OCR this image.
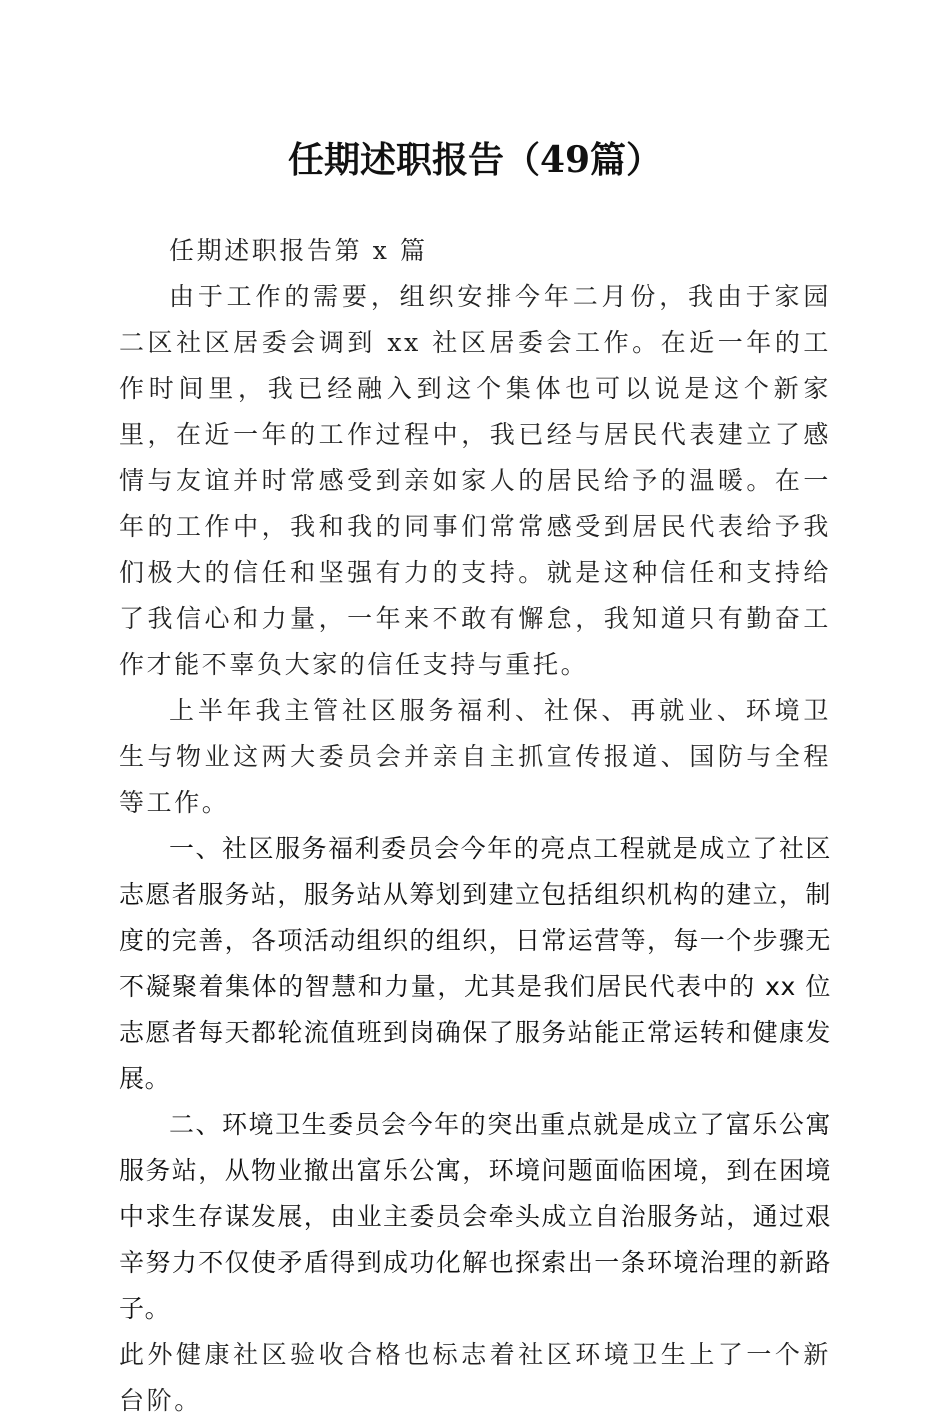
任期述职报告（49篇）

任期述职报告第 x 篇

由于工作的需要，组织安排今年二月份，我由于家园二区社区居委会调到 xx 社区居委会工作。在近一年的工作时间里，我已经融入到这个集体也可以说是这个新家里，在近一年的工作过程中，我已经与居民代表建立了感情与友谊并时常感受到亲如家人的居民给予的温暖。在一年的工作中，我和我的同事们常常感受到居民代表给予我们极大的信任和坚强有力的支持。就是这种信任和支持给了我信心和力量，一年来不敢有懈怠，我知道只有勤奋工作才能不辜负大家的信任支持与重托。

上半年我主管社区服务福利、社保、再就业、环境卫生与物业这两大委员会并亲自主抓宣传报道、国防与全程等工作。

一、社区服务福利委员会今年的亮点工程就是成立了社区志愿者服务站，服务站从筹划到建立包括组织机构的建立，制度的完善，各项活动组织的组织，日常运营等，每一个步骤无不凝聚着集体的智慧和力量，尤其是我们居民代表中的 xx 位志愿者每天都轮流值班到岗确保了服务站能正常运转和健康发展。

二、环境卫生委员会今年的突出重点就是成立了富乐公寓服务站，从物业撤出富乐公寓，环境问题面临困境，到在困境中求生存谋发展，由业主委员会牵头成立自治服务站，通过艰辛努力不仅使矛盾得到成功化解也探索出一条环境治理的新路子。

此外健康社区验收合格也标志着社区环境卫生上了一个新台阶。
